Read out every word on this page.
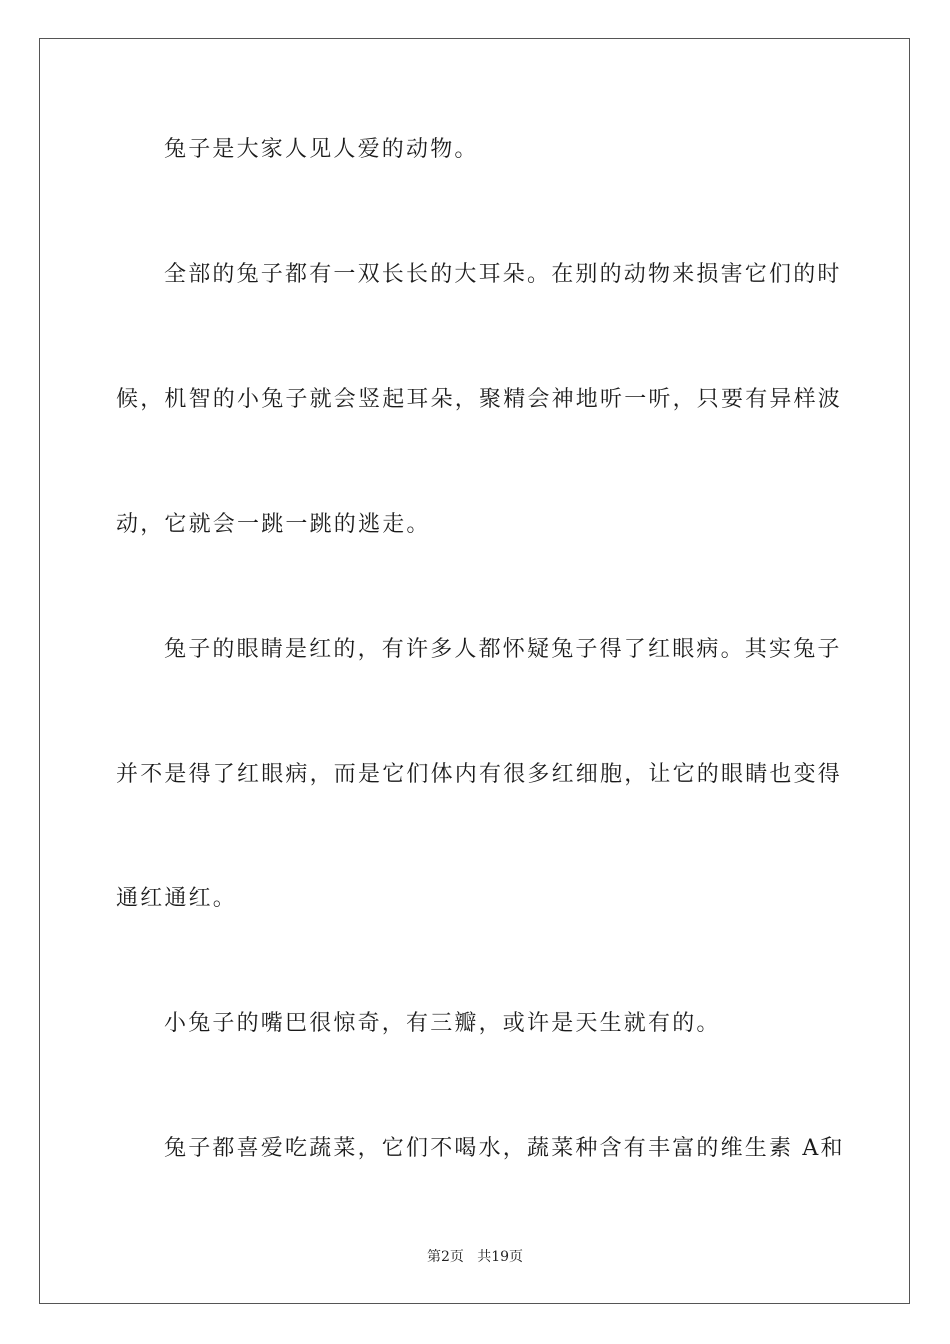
兔子是大家人见人爱的动物。
全部的兔子都有一双长长的大耳朵。在别的动物来损害它们的时
候，机智的小兔子就会竖起耳朵，聚精会神地听一听，只要有异样波
动，它就会一跳一跳的逃走。
兔子的眼睛是红的，有许多人都怀疑兔子得了红眼病。其实兔子
并不是得了红眼病，而是它们体内有很多红细胞，让它的眼睛也变得
通红通红。
小兔子的嘴巴很惊奇，有三瓣，或许是天生就有的。
兔子都喜爱吃蔬菜，它们不喝水，蔬菜种含有丰富的维生素 A和
第2页   共19页
